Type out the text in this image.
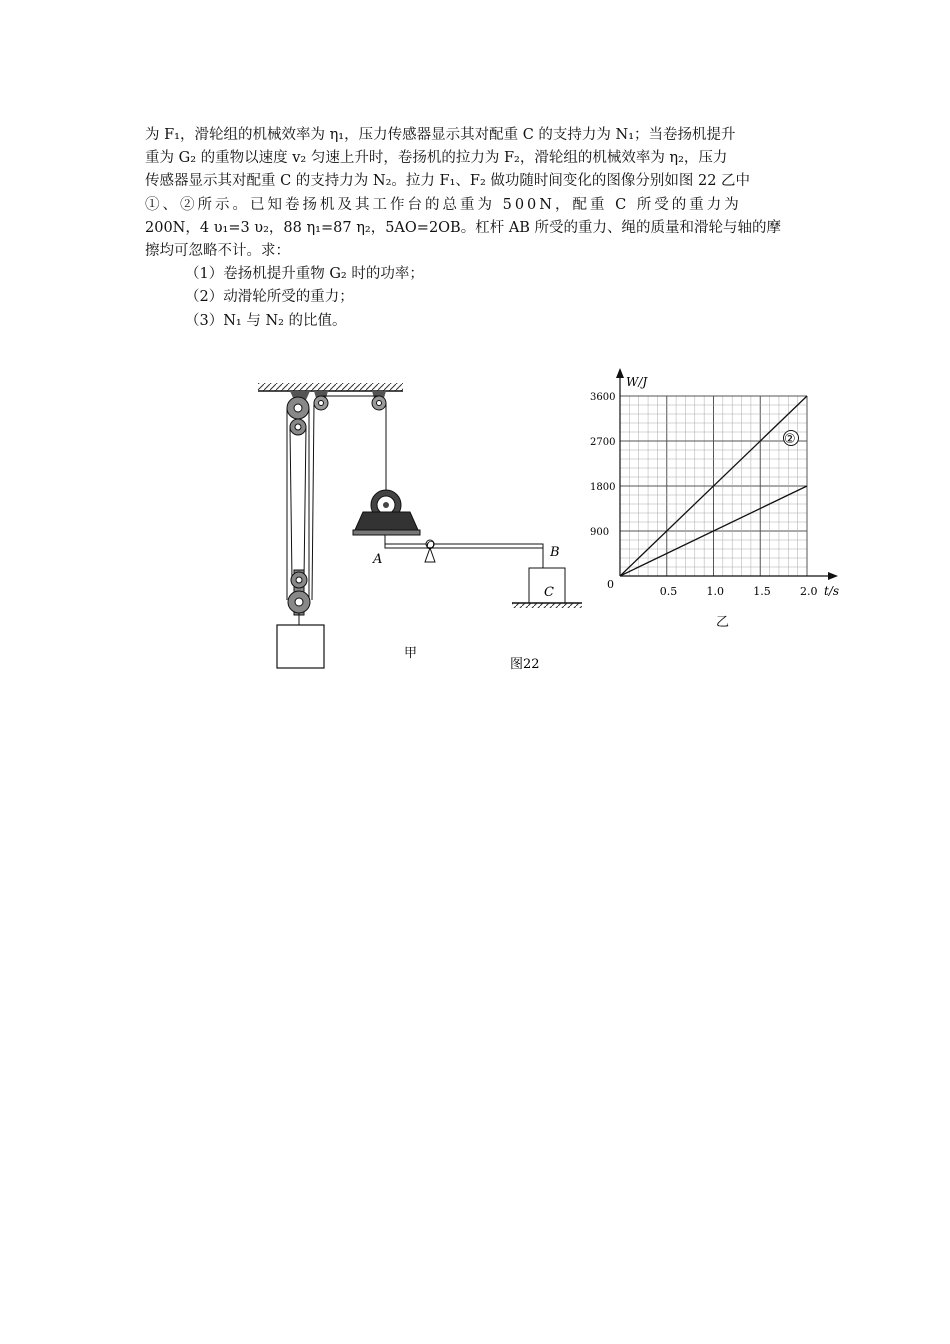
为 F₁，滑轮组的机械效率为 η₁，压力传感器显示其对配重 C 的支持力为 N₁；当卷扬机提升

重为 G₂ 的重物以速度 v₂ 匀速上升时，卷扬机的拉力为 F₂，滑轮组的机械效率为 η₂，压力

传感器显示其对配重 C 的支持力为 N₂。拉力 F₁、F₂ 做功随时间变化的图像分别如图 22 乙中

①、②所示。已知卷扬机及其工作台的总重为 500N，配重 C 所受的重力为

200N，4 υ₁=3 υ₂，88 η₁=87 η₂，5AO=2OB。杠杆 AB 所受的重力、绳的质量和滑轮与轴的摩

擦均可忽略不计。求：

（1）卷扬机提升重物 G₂ 时的功率；

（2）动滑轮所受的重力；

（3）N₁ 与 N₂ 的比值。

A
O	B
C
甲
图22
乙
0.5	1.0	1.5	2.0
900
1800
2700
3600
②
W/J
t/s
0
